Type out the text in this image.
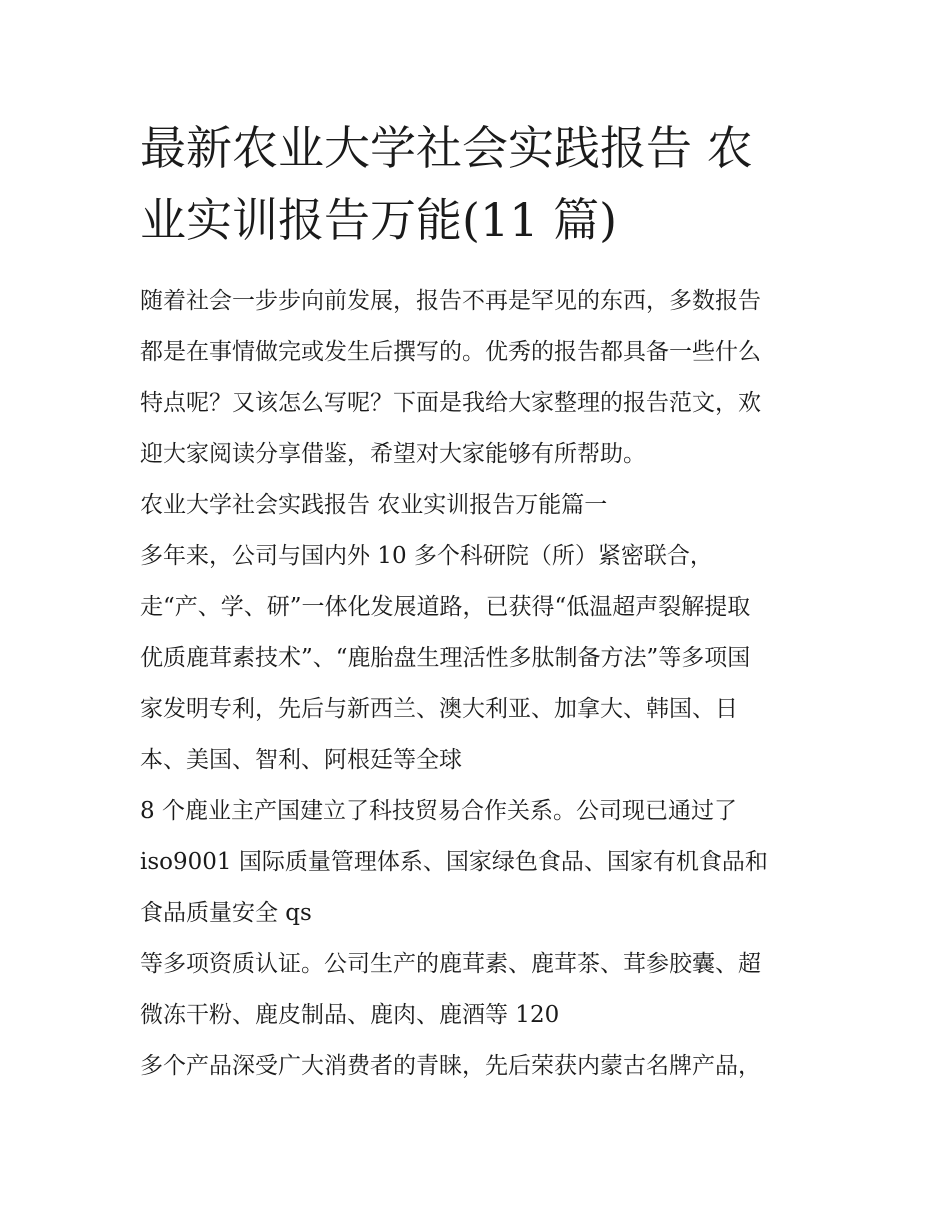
最新农业大学社会实践报告 农
业实训报告万能(11 篇)
随着社会一步步向前发展，报告不再是罕见的东西，多数报告
都是在事情做完或发生后撰写的。优秀的报告都具备一些什么
特点呢？又该怎么写呢？下面是我给大家整理的报告范文，欢
迎大家阅读分享借鉴，希望对大家能够有所帮助。
农业大学社会实践报告 农业实训报告万能篇一
多年来，公司与国内外 10 多个科研院（所）紧密联合，
走“产、学、研”一体化发展道路，已获得“低温超声裂解提取
优质鹿茸素技术”、“鹿胎盘生理活性多肽制备方法”等多项国
家发明专利，先后与新西兰、澳大利亚、加拿大、韩国、日
本、美国、智利、阿根廷等全球
8 个鹿业主产国建立了科技贸易合作关系。公司现已通过了
iso9001 国际质量管理体系、国家绿色食品、国家有机食品和
食品质量安全 qs
等多项资质认证。公司生产的鹿茸素、鹿茸茶、茸参胶囊、超
微冻干粉、鹿皮制品、鹿肉、鹿酒等 120
多个产品深受广大消费者的青睐，先后荣获内蒙古名牌产品，
